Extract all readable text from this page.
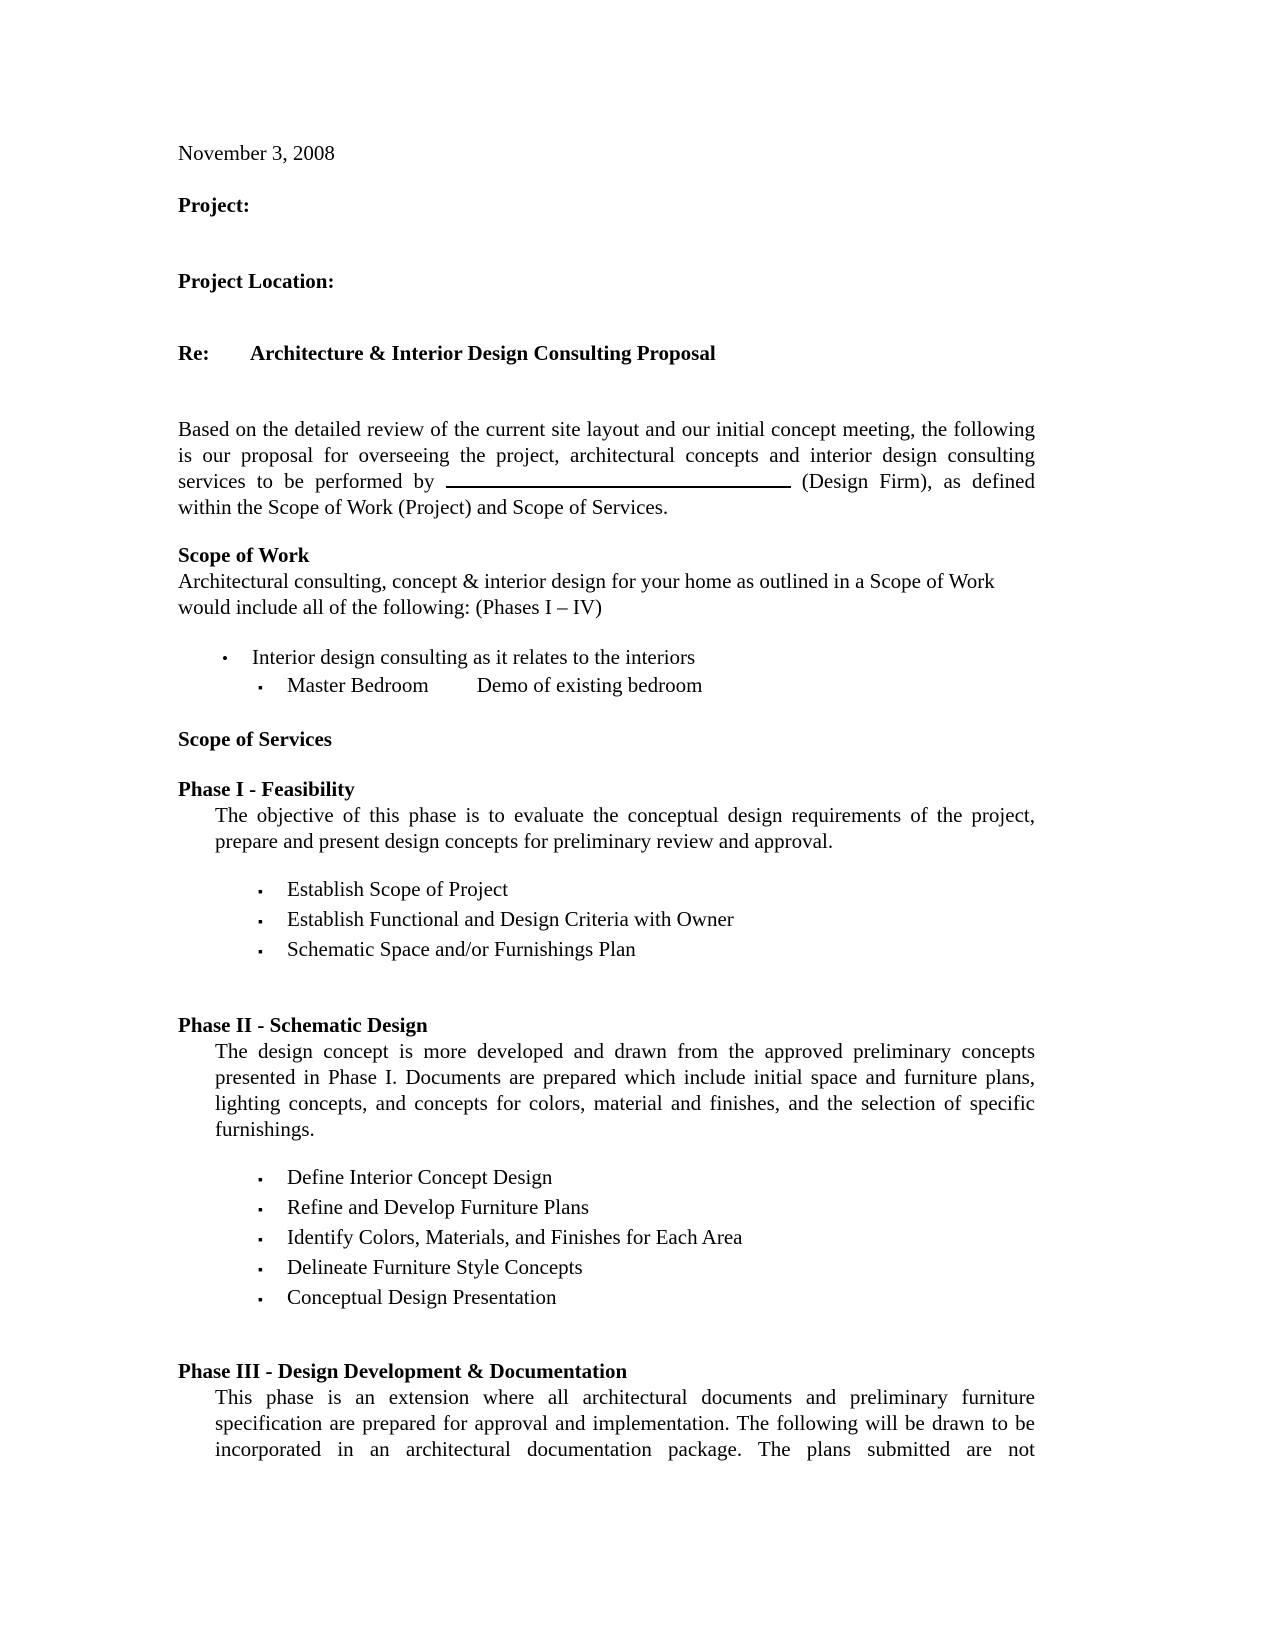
November 3, 2008

Project:

Project Location:

Re:	Architecture & Interior Design Consulting Proposal

Based on the detailed review of the current site layout and our initial concept meeting, the following is our proposal for overseeing the project, architectural concepts and interior design consulting services to be performed by	(Design Firm), as defined within the Scope of Work (Project) and Scope of Services.

Scope of Work

Architectural consulting, concept & interior design for your home as outlined in a Scope of Work would include all of the following: (Phases I – IV)

•	Interior design consulting as it relates to the interiors
▪	Master Bedroom Demo of existing bedroom

Scope of Services

Phase I - Feasibility

The objective of this phase is to evaluate the conceptual design requirements of the project, prepare and present design concepts for preliminary review and approval.

▪	Establish Scope of Project
▪	Establish Functional and Design Criteria with Owner
▪	Schematic Space and/or Furnishings Plan

Phase II - Schematic Design

The design concept is more developed and drawn from the approved preliminary concepts presented in Phase I. Documents are prepared which include initial space and furniture plans, lighting concepts, and concepts for colors, material and finishes, and the selection of specific furnishings.

▪	Define Interior Concept Design
▪	Refine and Develop Furniture Plans
▪	Identify Colors, Materials, and Finishes for Each Area
▪	Delineate Furniture Style Concepts
▪	Conceptual Design Presentation

Phase III - Design Development & Documentation

This phase is an extension where all architectural documents and preliminary furniture specification are prepared for approval and implementation. The following will be drawn to be incorporated in an architectural documentation package. The plans submitted are not
